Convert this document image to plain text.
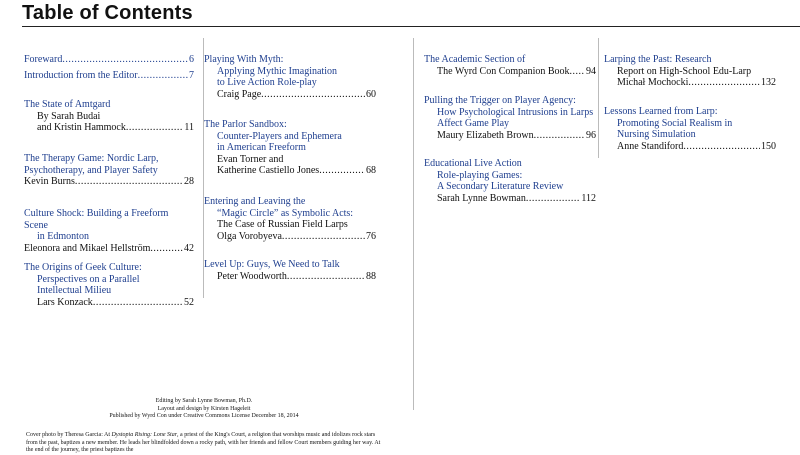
Table of Contents
Foreward .....	6
Introduction from the Editor .....	7
The State of Amtgard
By Sarah Budai
and Kristin Hammock .....	11
The Therapy Game: Nordic Larp,
Psychotherapy, and Player Safety
Kevin Burns .....	28
Culture Shock: Building a Freeform Scene
in Edmonton
Eleonora and Mikael Hellström .....	42
The Origins of Geek Culture:
Perspectives on a Parallel
Intellectual Milieu
Lars Konzack .....	52
Playing With Myth:
Applying Mythic Imagination
to Live Action Role-play
Craig Page .....	60
The Parlor Sandbox:
Counter-Players and Ephemera
in American Freeform
Evan Torner and
Katherine Castiello Jones .....	68
Entering and Leaving the
“Magic Circle” as Symbolic Acts:
The Case of Russian Field Larps
Olga Vorobyeva .....	76
Level Up: Guys, We Need to Talk
Peter Woodworth .....	88
The Academic Section of
The Wyrd Con Companion Book ..... 94
Pulling the Trigger on Player Agency:
How Psychological Intrusions in Larps
Affect Game Play
Maury Elizabeth Brown .....	96
Educational Live Action
Role-playing Games:
A Secondary Literature Review
Sarah Lynne Bowman .....	112
Larping the Past: Research
Report on High-School Edu-Larp
Michał Mochocki .....	132
Lessons Learned from Larp:
Promoting Social Realism in
Nursing Simulation
Anne Standiford .....	150
Editing by Sarah Lynne Bowman, Ph.D.
Layout and design by Kirsten Hageleit
Published by Wyrd Con under Creative Commons License December 18, 2014
Cover photo by Theresa Garcia: At Dystopia Rising: Lone Star, a priest of the King's Court, a religion that worships music and idolizes rock stars from the past, baptizes a new member. He leads her blindfolded down a rocky path, with her friends and fellow Court members guiding her way. At the end of the journey, the priest baptizes the
